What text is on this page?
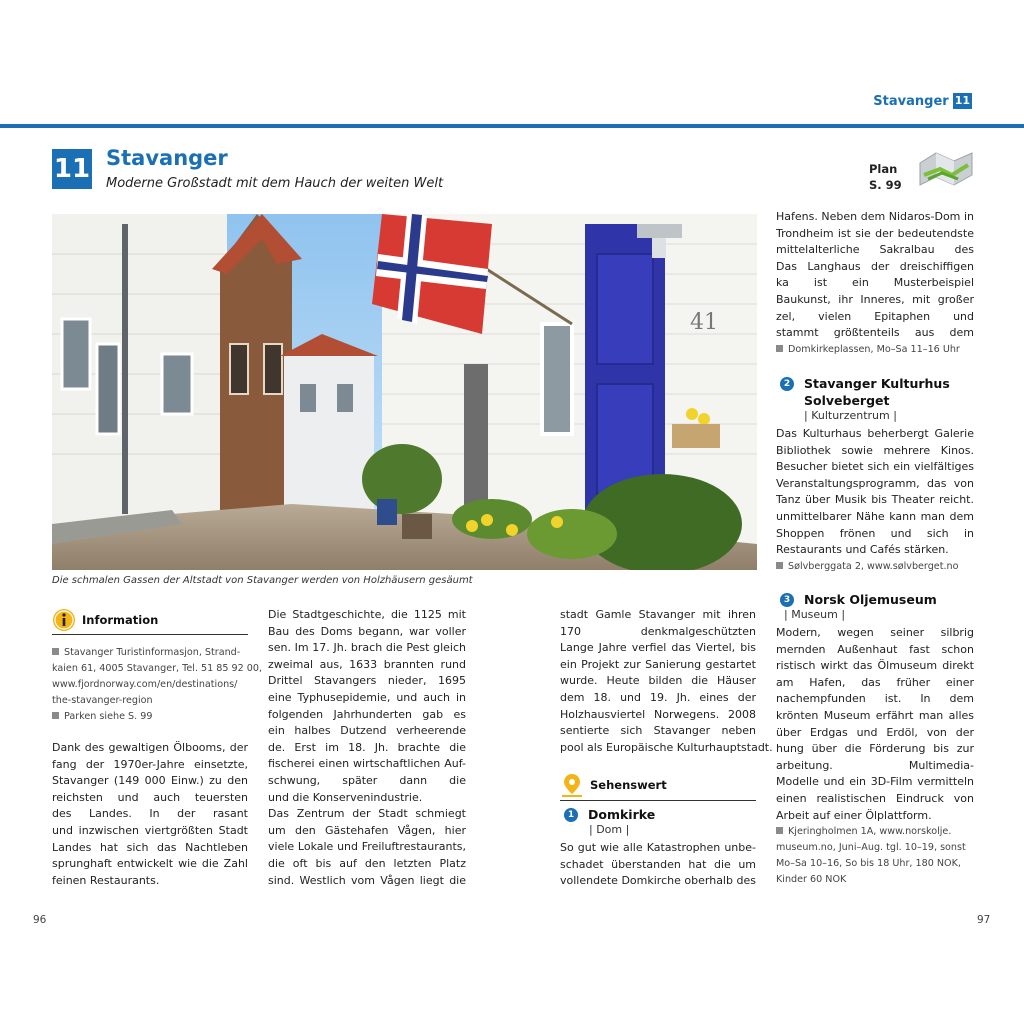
Stavanger 11
11 Stavanger
Moderne Großstadt mit dem Hauch der weiten Welt
Plan
S. 99
41
Die schmalen Gassen der Altstadt von Stavanger werden von Holzhäusern gesäumt
Information
Stavanger Turistinformasjon, Strand-
kaien 61, 4005 Stavanger, Tel. 51 85 92 00,
www.fjordnorway.com/en/destinations/
the-stavanger-region
Parken siehe S. 99
Dank des gewaltigen Ölbooms, der
fang der 1970er-Jahre einsetzte,
Stavanger (149 000 Einw.) zu den
reichsten und auch teuersten
des Landes. In der rasant
und inzwischen viertgrößten Stadt
Landes hat sich das Nachtleben
sprunghaft entwickelt wie die Zahl
feinen Restaurants.
Die Stadtgeschichte, die 1125 mit
Bau des Doms begann, war voller
sen. Im 17. Jh. brach die Pest gleich
zweimal aus, 1633 brannten rund
Drittel Stavangers nieder, 1695
eine Typhusepidemie, und auch in
folgenden Jahrhunderten gab es
ein halbes Dutzend verheerende
de. Erst im 18. Jh. brachte die
fischerei einen wirtschaftlichen Auf-
schwung, später dann die
und die Konservenindustrie.
Das Zentrum der Stadt schmiegt
um den Gästehafen Vågen, hier
viele Lokale und Freiluftrestaurants,
die oft bis auf den letzten Platz
sind. Westlich vom Vågen liegt die
stadt Gamle Stavanger mit ihren
170 denkmalgeschützten
Lange Jahre verfiel das Viertel, bis
ein Projekt zur Sanierung gestartet
wurde. Heute bilden die Häuser
dem 18. und 19. Jh. eines der
Holzhausviertel Norwegens. 2008
sentierte sich Stavanger neben
pool als Europäische Kulturhauptstadt.
Sehenswert
1	Domkirke
| Dom |
So gut wie alle Katastrophen unbe-
schadet überstanden hat die um
vollendete Domkirche oberhalb des
Hafens. Neben dem Nidaros-Dom in
Trondheim ist sie der bedeutendste
mittelalterliche Sakralbau des
Das Langhaus der dreischiffigen
ka ist ein Musterbeispiel
Baukunst, ihr Inneres, mit großer
zel, vielen Epitaphen und
stammt größtenteils aus dem
Domkirkeplassen, Mo–Sa 11–16 Uhr
2	Stavanger Kulturhus
Solveberget
| Kulturzentrum |
Das Kulturhaus beherbergt Galerie
Bibliothek sowie mehrere Kinos.
Besucher bietet sich ein vielfältiges
Veranstaltungsprogramm, das von
Tanz über Musik bis Theater reicht.
unmittelbarer Nähe kann man dem
Shoppen frönen und sich in
Restaurants und Cafés stärken.
Sølvberggata 2, www.sølvberget.no
3	Norsk Oljemuseum
| Museum |
Modern, wegen seiner silbrig
mernden Außenhaut fast schon
ristisch wirkt das Ölmuseum direkt
am Hafen, das früher einer
nachempfunden ist. In dem
krönten Museum erfährt man alles
über Erdgas und Erdöl, von der
hung über die Förderung bis zur
arbeitung. Multimedia-
Modelle und ein 3D-Film vermitteln
einen realistischen Eindruck von
Arbeit auf einer Ölplattform.
Kjeringholmen 1A, www.norskolje.
museum.no, Juni–Aug. tgl. 10–19, sonst
Mo–Sa 10–16, So bis 18 Uhr, 180 NOK,
Kinder 60 NOK
96	97
